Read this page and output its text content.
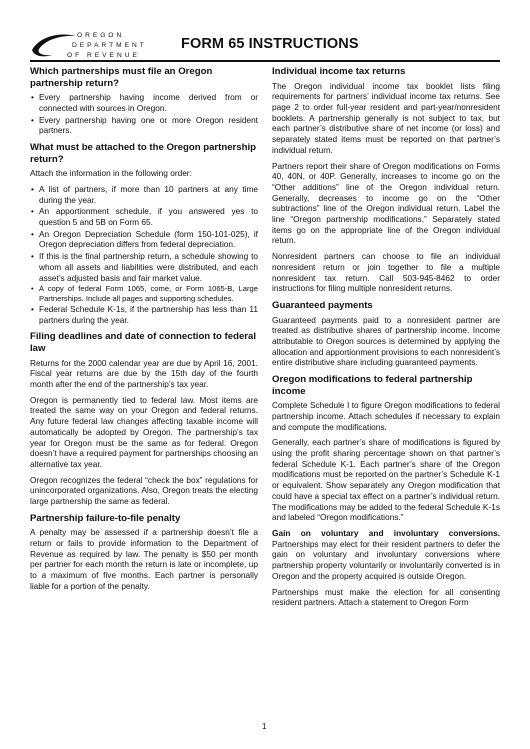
OREGON
DEPARTMENT
OF REVENUE
FORM 65 INSTRUCTIONS
Which partnerships must file an Oregon partnership return?
• Every partnership having income derived from or connected with sources in Oregon.
• Every partnership having one or more Oregon resident partners.
What must be attached to the Oregon partnership return?

Attach the information in the following order:

• A list of partners, if more than 10 partners at any time during the year.
• An apportionment schedule, if you answered yes to question 5 and 5B on Form 65.
• An Oregon Depreciation Schedule (form 150-101-025), if Oregon depreciation differs from federal depreciation.
• If this is the final partnership return, a schedule showing to whom all assets and liabilities were distributed, and each asset’s adjusted basis and fair market value.
• A copy of federal Form 1065, come, or Form 1065-B, Large Partnerships. Include all pages and supporting schedules.
• Federal Schedule K-1s, if the partnership has less than 11 partners during the year.
Filing deadlines and date of connection to federal law

Returns for the 2000 calendar year are due by April 16, 2001. Fiscal year returns are due by the 15th day of the fourth month after the end of the partnership’s tax year.

Oregon is permanently tied to federal law. Most items are treated the same way on your Oregon and federal returns. Any future federal law changes affecting taxable income will automatically be adopted by Oregon. The partnership’s tax year for Oregon must be the same as for federal. Oregon doesn’t have a required payment for partnerships choosing an alternative tax year.

Oregon recognizes the federal “check the box” regulations for unincorporated organizations. Also, Oregon treats the electing large partnership the same as federal.

Partnership failure-to-file penalty

A penalty may be assessed if a partnership doesn’t file a return or fails to provide information to the Department of Revenue as required by law. The penalty is $50 per month per partner for each month the return is late or incomplete, up to a maximum of five months. Each partner is personally liable for a portion of the penalty.

Individual income tax returns

The Oregon individual income tax booklet lists filing requirements for partners’ individual income tax returns. See page 2 to order full-year resident and part-year/nonresident booklets. A partnership generally is not subject to tax, but each partner’s distributive share of net income (or loss) and separately stated items must be reported on that partner’s individual return.

Partners report their share of Oregon modifications on Forms 40, 40N, or 40P. Generally, increases to income go on the “Other additions” line of the Oregon individual return. Generally, decreases to income go on the “Other subtractions” line of the Oregon individual return. Label the line “Oregon partnership modifications.” Separately stated items go on the appropriate line of the Oregon individual return.

Nonresident partners can choose to file an individual nonresident return or join together to file a multiple nonresident tax return. Call 503-945-8462 to order instructions for filing multiple nonresident returns.

Guaranteed payments

Guaranteed payments paid to a nonresident partner are treated as distributive shares of partnership income. Income attributable to Oregon sources is determined by applying the allocation and apportionment provisions to each nonresident’s entire distributive share including guaranteed payments.

Oregon modifications to federal partnership income

Complete Schedule I to figure Oregon modifications to federal partnership income. Attach schedules if necessary to explain and compute the modifications.

Generally, each partner’s share of modifications is figured by using the profit sharing percentage shown on that partner’s federal Schedule K-1. Each partner’s share of the Oregon modifications must be reported on the partner’s Schedule K-1 or equivalent. Show separately any Oregon modification that could have a special tax effect on a partner’s individual return. The modifications may be added to the federal Schedule K-1s and labeled “Oregon modifications.”

Gain on voluntary and involuntary conversions. Partnerships may elect for their resident partners to defer the gain on voluntary and involuntary conversions where partnership property voluntarily or involuntarily converted is in Oregon and the property acquired is outside Oregon.

Partnerships must make the election for all consenting resident partners. Attach a statement to Oregon Form

1
